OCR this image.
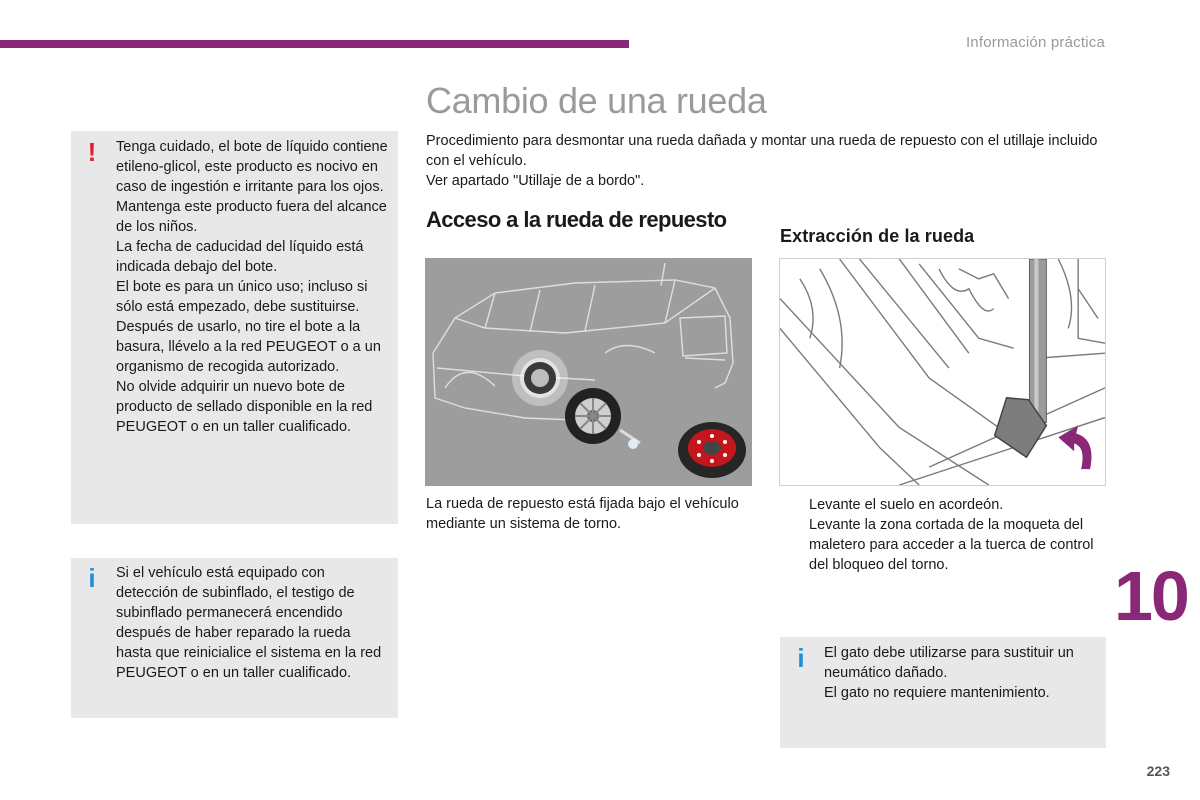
Información práctica
Cambio de una rueda

Procedimiento para desmontar una rueda dañada y montar una rueda de repuesto con el utillaje incluido con el vehículo.

Ver apartado "Utillaje de a bordo".

!	Tenga cuidado, el bote de líquido contiene etileno-glicol, este producto es nocivo en caso de ingestión e irritante para los ojos. Mantenga este producto fuera del alcance de los niños.

La fecha de caducidad del líquido está indicada debajo del bote.

El bote es para un único uso; incluso si sólo está empezado, debe sustituirse.

Después de usarlo, no tire el bote a la basura, llévelo a la red PEUGEOT o a un organismo de recogida autorizado.

No olvide adquirir un nuevo bote de producto de sellado disponible en la red PEUGEOT o en un taller cualificado.

i	Si el vehículo está equipado con detección de subinflado, el testigo de subinflado permanecerá encendido después de haber reparado la rueda hasta que reinicialice el sistema en la red PEUGEOT o en un taller cualificado.

Acceso a la rueda de repuesto
La rueda de repuesto está fijada bajo el vehículo mediante un sistema de torno.
Extracción de la rueda
Levante el suelo en acordeón.
Levante la zona cortada de la moqueta del maletero para acceder a la tuerca de control del bloqueo del torno.
i	El gato debe utilizarse para sustituir un neumático dañado.

El gato no requiere mantenimiento.

10
223
